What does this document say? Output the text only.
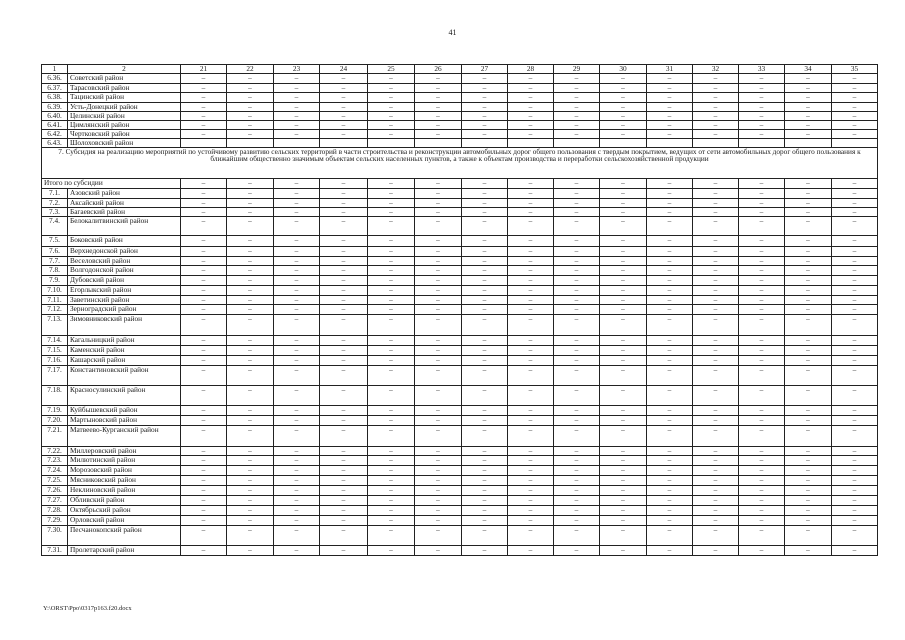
41
1	2	21	22	23	24	25	26	27	28	29	30	31	32	33	34	35
6.36.	Советский район	–	–	–	–	–	–	–	–	–	–	–	–	–	–	–
6.37.	Тарасовский район	–	–	–	–	–	–	–	–	–	–	–	–	–	–	–
6.38.	Тацинский район	–	–	–	–	–	–	–	–	–	–	–	–	–	–	–
6.39.	Усть-Донецкий район	–	–	–	–	–	–	–	–	–	–	–	–	–	–	–
6.40.	Целинский район	–	–	–	–	–	–	–	–	–	–	–	–	–	–	–
6.41.	Цимлянский район	–	–	–	–	–	–	–	–	–	–	–	–	–	–	–
6.42.	Чертковский район	–	–	–	–	–	–	–	–	–	–	–	–	–	–	–
6.43.	Шолоховский район															
7. Субсидия на реализацию мероприятий по устойчивому развитию сельских территорий в части строительства и реконструкции автомобильных дорог общего пользования с твердым покрытием, ведущих от сети автомобильных дорог общего пользования к ближайшим общественно значимым объектам сельских населенных пунктов, а также к объектам производства и переработки сельскохозяйственной продукции																
Итого по субсидии		–	–	–	–	–	–	–	–	–	–	–	–	–	–	–
7.1.	Азовский район	–	–	–	–	–	–	–	–	–	–	–	–	–	–	–
7.2.	Аксайский район	–	–	–	–	–	–	–	–	–	–	–	–	–	–	–
7.3.	Багаевский район	–	–	–	–	–	–	–	–	–	–	–	–	–	–	–
7.4.	Белокалитвинский район	–	–	–	–	–	–	–	–	–	–	–	–	–	–	–
7.5.	Боковский район	–	–	–	–	–	–	–	–	–	–	–	–	–	–	–
7.6.	Верхнедонской район	–	–	–	–	–	–	–	–	–	–	–	–	–	–	–
7.7.	Веселовский район	–	–	–	–	–	–	–	–	–	–	–	–	–	–	–
7.8.	Волгодонской район	–	–	–	–	–	–	–	–	–	–	–	–	–	–	–
7.9.	Дубовский район	–	–	–	–	–	–	–	–	–	–	–	–	–	–	–
7.10.	Егорлыкский район	–	–	–	–	–	–	–	–	–	–	–	–	–	–	–
7.11.	Заветинский район	–	–	–	–	–	–	–	–	–	–	–	–	–	–	–
7.12.	Зерноградский район	–	–	–	–	–	–	–	–	–	–	–	–	–	–	–
7.13.	Зимовниковский район	–	–	–	–	–	–	–	–	–	–	–	–	–	–	–
7.14.	Кагальницкий район	–	–	–	–	–	–	–	–	–	–	–	–	–	–	–
7.15.	Каменский район	–	–	–	–	–	–	–	–	–	–	–	–	–	–	–
7.16.	Кашарский район	–	–	–	–	–	–	–	–	–	–	–	–	–	–	–
7.17.	Константиновский район	–	–	–	–	–	–	–	–	–	–	–	–	–	–	–
7.18.	Красносулинский район	–	–	–	–	–	–	–	–	–	–	–	–	–	–	–
7.19.	Куйбышевский район	–	–	–	–	–	–	–	–	–	–	–	–	–	–	–
7.20.	Мартыновский район	–	–	–	–	–	–	–	–	–	–	–	–	–	–	–
7.21.	Матвеево-Курганский район	–	–	–	–	–	–	–	–	–	–	–	–	–	–	–
7.22.	Миллеровский район	–	–	–	–	–	–	–	–	–	–	–	–	–	–	–
7.23.	Милютинский район	–	–	–	–	–	–	–	–	–	–	–	–	–	–	–
7.24.	Морозовский район	–	–	–	–	–	–	–	–	–	–	–	–	–	–	–
7.25.	Мясниковский район	–	–	–	–	–	–	–	–	–	–	–	–	–	–	–
7.26.	Неклиновский район	–	–	–	–	–	–	–	–	–	–	–	–	–	–	–
7.27.	Обливский район	–	–	–	–	–	–	–	–	–	–	–	–	–	–	–
7.28.	Октябрьский район	–	–	–	–	–	–	–	–	–	–	–	–	–	–	–
7.29.	Орловский район	–	–	–	–	–	–	–	–	–	–	–	–	–	–	–
7.30.	Песчанокопский район	–	–	–	–	–	–	–	–	–	–	–	–	–	–	–
7.31.	Пролетарский район	–	–	–	–	–	–	–	–	–	–	–	–	–	–	–
Y:\ORST\Ppo\0317p163.f20.docx
